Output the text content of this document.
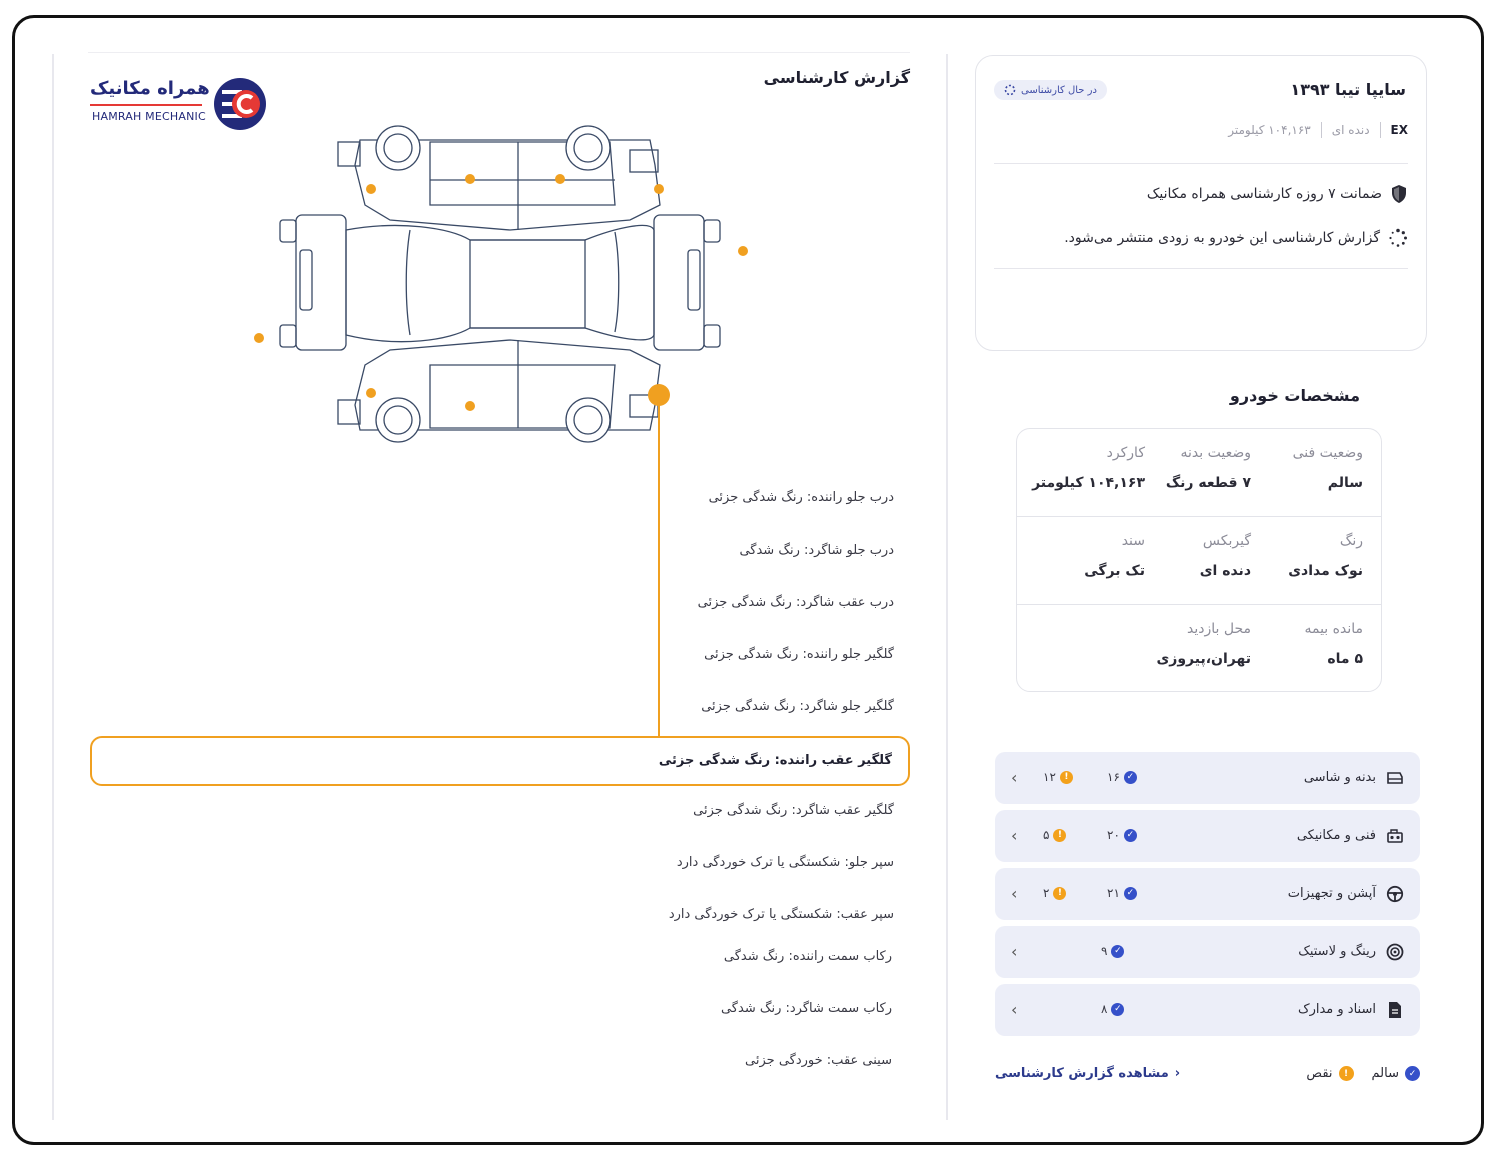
سایپا تیبا ۱۳۹۳
در حال کارشناسی
EX
دنده ای
۱۰۴,۱۶۳ کیلومتر
ضمانت ۷ روزه کارشناسی همراه مکانیک
گزارش کارشناسی این خودرو به زودی منتشر می‌شود.
مشخصات خودرو
وضعیت فنی
سالم
وضعیت بدنه
۷ قطعه رنگ
کارکرد
۱۰۴,۱۶۳ کیلومتر
رنگ
نوک مدادی
گیربکس
دنده ای
سند
تک برگی
مانده بیمه
۵ ماه
محل بازدید
تهران،پیروزی
بدنه و شاسی
۱۶ ✓
۱۲ !
‹
فنی و مکانیکی
۲۰ ✓
۵ !
‹
آپشن و تجهیزات
۲۱ ✓
۲ !
‹
رینگ و لاستیک
۹ ✓
‹
اسناد و مدارک
۸ ✓
‹
✓
سالم
!
نقص
‹
مشاهده گزارش کارشناسی
گزارش کارشناسی
همراه مکانیک
HAMRAH MECHANIC
درب جلو راننده: رنگ شدگی جزئی
درب جلو شاگرد: رنگ شدگی
درب عقب شاگرد: رنگ شدگی جزئی
گلگیر جلو راننده: رنگ شدگی جزئی
گلگیر جلو شاگرد: رنگ شدگی جزئی
گلگیر عقب راننده: رنگ شدگی جزئی
گلگیر عقب شاگرد: رنگ شدگی جزئی
سپر جلو: شکستگی یا ترک خوردگی دارد
سپر عقب: شکستگی یا ترک خوردگی دارد
رکاب سمت راننده: رنگ شدگی
رکاب سمت شاگرد: رنگ شدگی
سینی عقب: خوردگی جزئی
